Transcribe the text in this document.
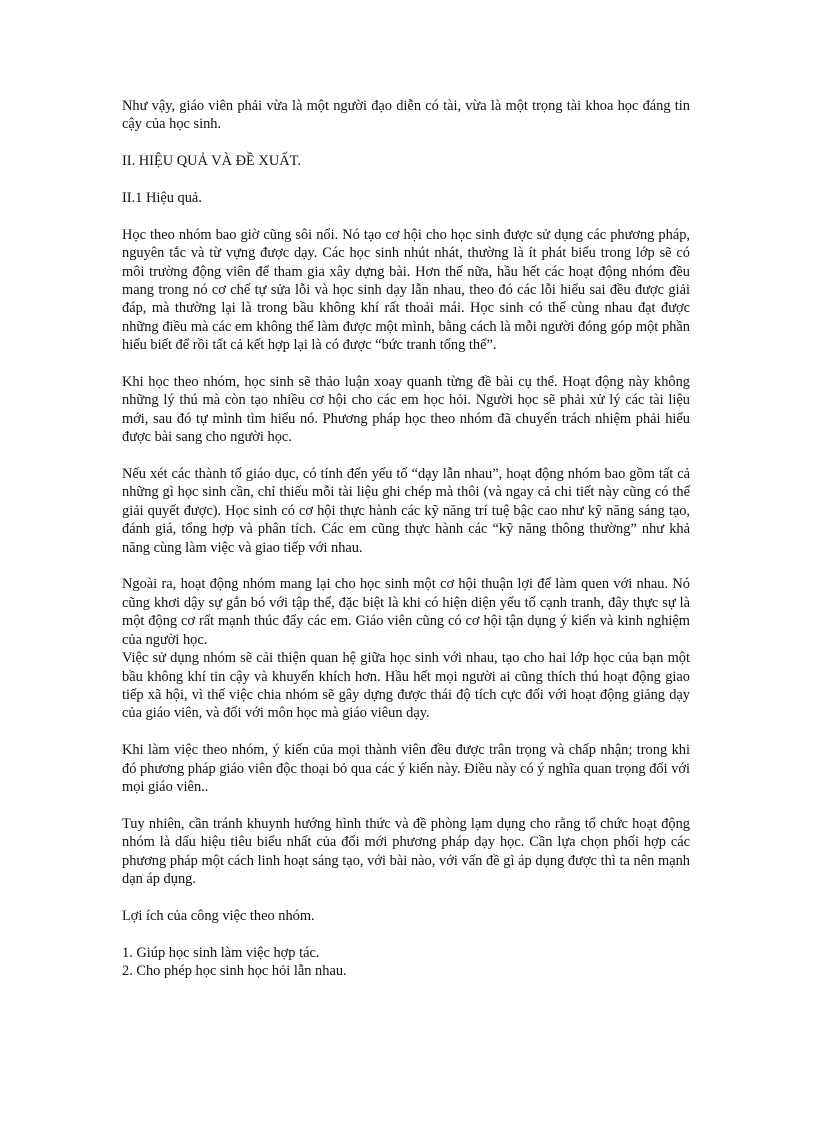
Như vậy, giáo viên phải vừa là một người đạo diễn có tài, vừa là một trọng tài khoa học đáng tin cậy của học sinh.

II. HIỆU QUẢ VÀ ĐỀ XUẤT.

II.1 Hiệu quả.

Học theo nhóm bao giờ cũng sôi nổi. Nó tạo cơ hội cho học sinh được sử dụng các phương pháp, nguyên tắc và từ vựng được dạy. Các học sinh nhút nhát, thường là ít phát biểu trong lớp sẽ có môi trường động viên để tham gia xây dựng bài. Hơn thế nữa, hầu hết các hoạt động nhóm đều mang trong nó cơ chế tự sửa lỗi và học sinh dạy lẫn nhau, theo đó các lỗi hiểu sai đều được giải đáp, mà thường lại là trong bầu không khí rất thoải mái. Học sinh có thể cùng nhau đạt được những điều mà các em không thể làm được một mình, bằng cách là mỗi người đóng góp một phần hiểu biết để rồi tất cả kết hợp lại là có được “bức tranh tổng thể”.

Khi học theo nhóm, học sinh sẽ thảo luận xoay quanh từng đề bài cụ thể. Hoạt động này không những lý thú mà còn tạo nhiều cơ hội cho các em học hỏi. Người học sẽ phải xử lý các tài liệu mới, sau đó tự mình tìm hiểu nó. Phương pháp học theo nhóm đã chuyển trách nhiệm phải hiểu được bài sang cho người học.

Nếu xét các thành tố giáo dục, có tính đến yếu tố “dạy lẫn nhau”, hoạt động nhóm bao gồm tất cả những gì học sinh cần, chỉ thiếu mỗi tài liệu ghi chép mà thôi (và ngay cả chi tiết này cũng có thể giải quyết được). Học sinh có cơ hội thực hành các kỹ năng trí tuệ bậc cao như kỹ năng sáng tạo, đánh giá, tổng hợp và phân tích. Các em cũng thực hành các “kỹ năng thông thường” như khả năng cùng làm việc và giao tiếp với nhau.

Ngoài ra, hoạt động nhóm mang lại cho học sinh một cơ hội thuận lợi để làm quen với nhau. Nó cũng khơi dậy sự gắn bó với tập thể, đặc biệt là khi có hiện diện yếu tố cạnh tranh, đây thực sự là một động cơ rất mạnh thúc đẩy các em. Giáo viên cũng có cơ hội tận dụng ý kiến và kinh nghiệm của người học.

Việc sử dụng nhóm sẽ cải thiện quan hệ giữa học sinh với nhau, tạo cho hai lớp học của bạn một bầu không khí tin cậy và khuyến khích hơn. Hầu hết mọi người ai cũng thích thú hoạt động giao tiếp xã hội, vì thế việc chia nhóm sẽ gây dựng được thái độ tích cực đối với hoạt động giảng dạy của giáo viên, và đối với môn học mà giáo viêun dạy.

Khi làm việc theo nhóm, ý kiến của mọi thành viên đều được trân trọng và chấp nhận; trong khi đó phương pháp giáo viên độc thoại bỏ qua các ý kiến này. Điều này có ý nghĩa quan trọng đối với mọi giáo viên..

Tuy nhiên, cần tránh khuynh hướng hình thức và đề phòng lạm dụng cho rằng tổ chức hoạt động nhóm là dấu hiệu tiêu biểu nhất của đổi mới phương pháp dạy học. Cần lựa chọn phối hợp các phương pháp một cách linh hoạt sáng tạo, với bài nào, với vấn đề gì áp dụng được thì ta nên mạnh dạn áp dụng.

Lợi ích của công việc theo nhóm.

1. Giúp học sinh làm việc hợp tác.

2. Cho phép học sinh học hỏi lẫn nhau.
